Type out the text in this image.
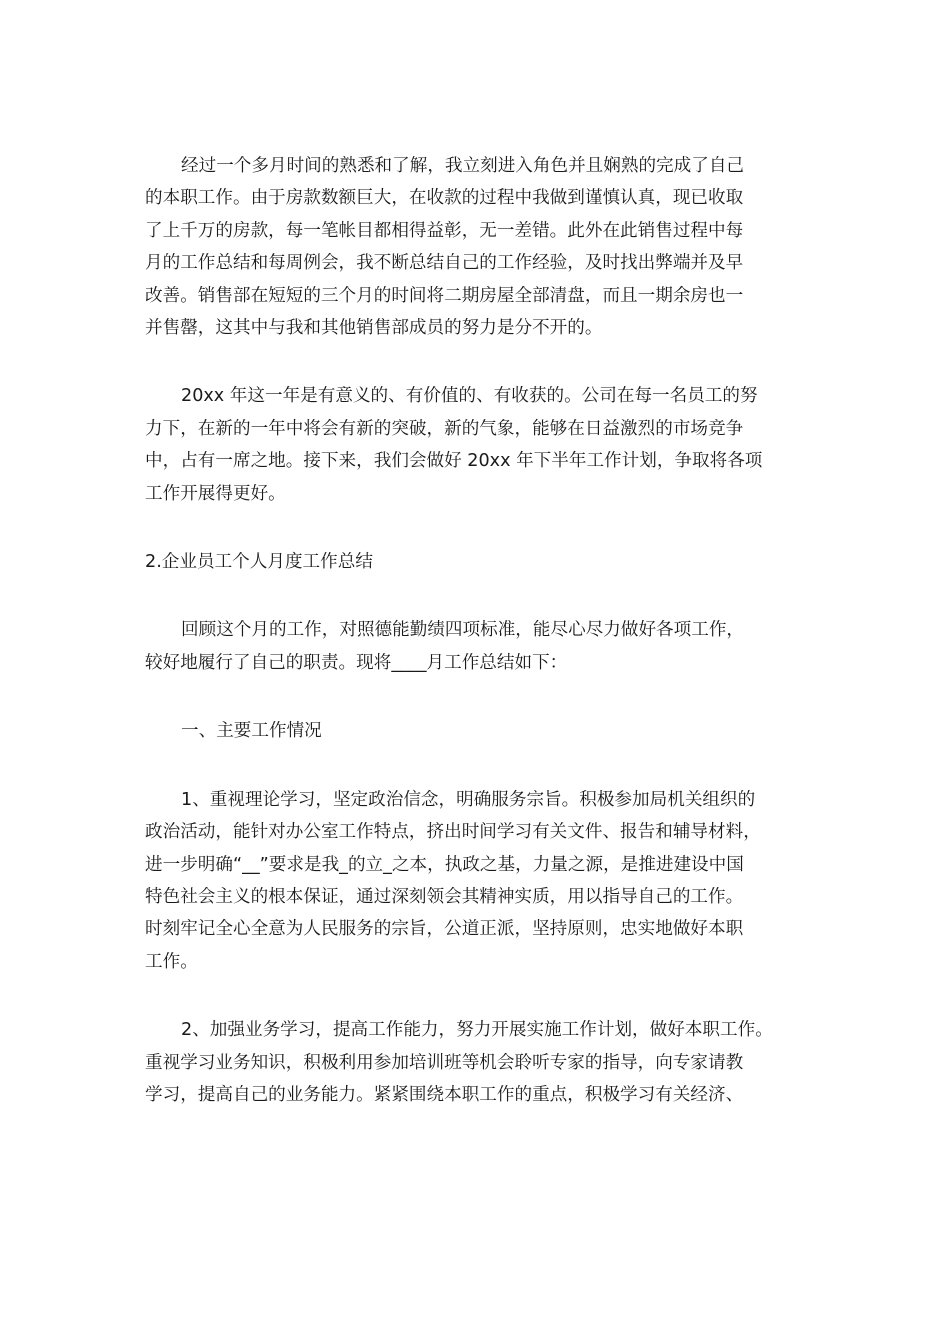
经过一个多月时间的熟悉和了解，我立刻进入角色并且娴熟的完成了自己
的本职工作。由于房款数额巨大，在收款的过程中我做到谨慎认真，现已收取
了上千万的房款，每一笔帐目都相得益彰，无一差错。此外在此销售过程中每
月的工作总结和每周例会，我不断总结自己的工作经验，及时找出弊端并及早
改善。销售部在短短的三个月的时间将二期房屋全部清盘，而且一期余房也一
并售罄，这其中与我和其他销售部成员的努力是分不开的。
20xx 年这一年是有意义的、有价值的、有收获的。公司在每一名员工的努
力下，在新的一年中将会有新的突破，新的气象，能够在日益激烈的市场竞争
中，占有一席之地。接下来，我们会做好 20xx 年下半年工作计划，争取将各项
工作开展得更好。
2.企业员工个人月度工作总结
回顾这个月的工作，对照德能勤绩四项标准，能尽心尽力做好各项工作，
较好地履行了自己的职责。现将____月工作总结如下：
一、主要工作情况
1、重视理论学习，坚定政治信念，明确服务宗旨。积极参加局机关组织的
政治活动，能针对办公室工作特点，挤出时间学习有关文件、报告和辅导材料，
进一步明确“__”要求是我_的立_之本，执政之基，力量之源，是推进建设中国
特色社会主义的根本保证，通过深刻领会其精神实质，用以指导自己的工作。
时刻牢记全心全意为人民服务的宗旨，公道正派，坚持原则，忠实地做好本职
工作。
2、加强业务学习，提高工作能力，努力开展实施工作计划，做好本职工作。
重视学习业务知识，积极利用参加培训班等机会聆听专家的指导，向专家请教
学习，提高自己的业务能力。紧紧围绕本职工作的重点，积极学习有关经济、
